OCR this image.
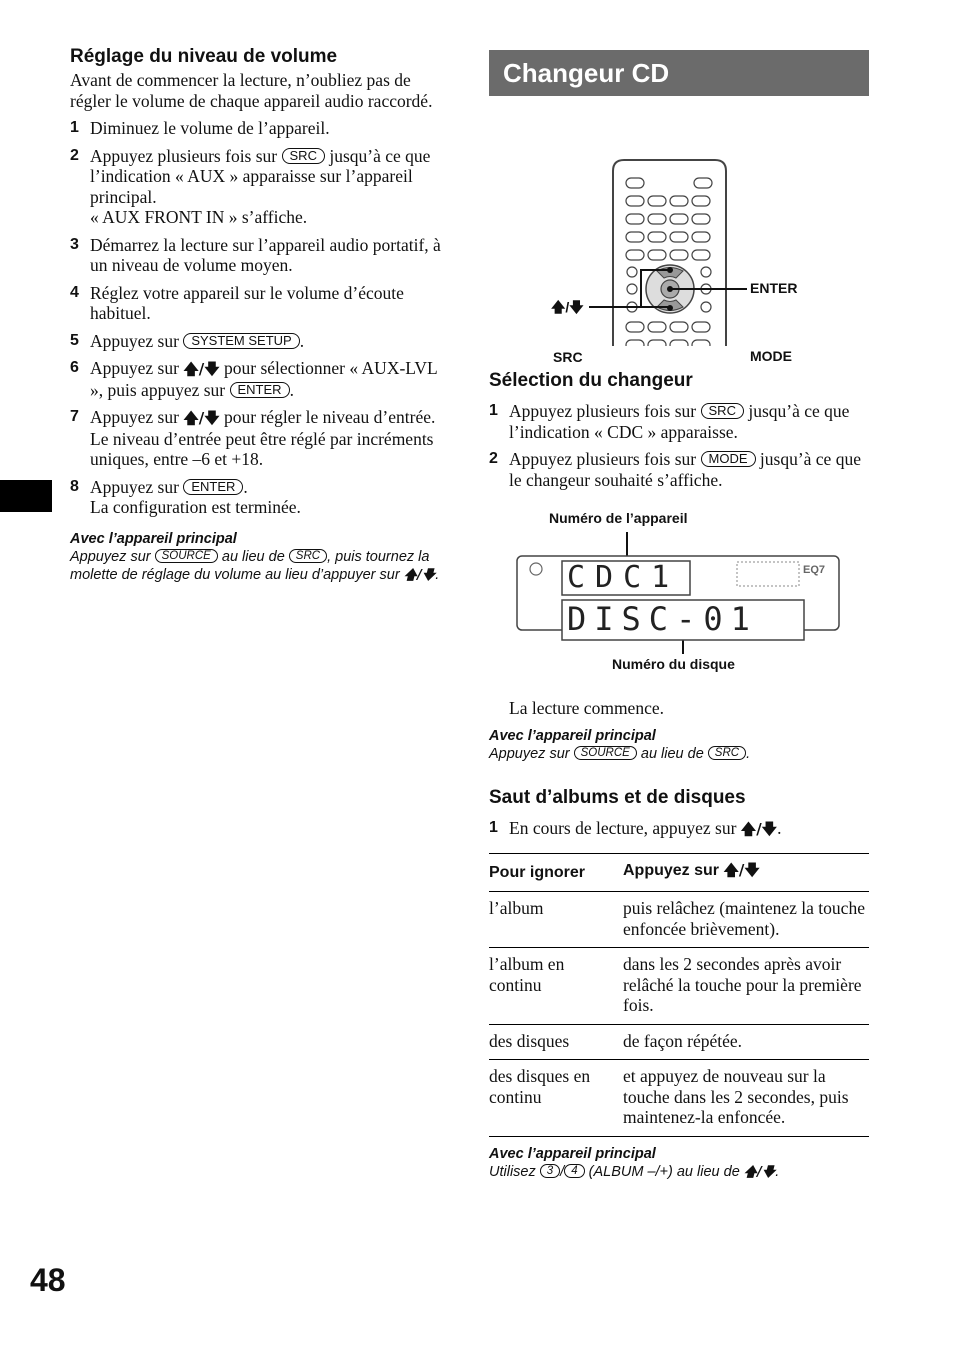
Réglage du niveau de volume

Avant de commencer la lecture, n’oubliez pas de régler le volume de chaque appareil audio raccordé.

1 Diminuez le volume de l’appareil.
2 Appuyez plusieurs fois sur SRC jusqu’à ce que l’indication « AUX » apparaisse sur l’appareil principal.
« AUX FRONT IN » s’affiche.
3 Démarrez la lecture sur l’appareil audio portatif, à un niveau de volume moyen.
4 Réglez votre appareil sur le volume d’écoute habituel.
5 Appuyez sur SYSTEM SETUP .
6 Appuyez sur 🡅/🡇 pour sélectionner « AUX-LVL », puis appuyez sur ENTER .
7 Appuyez sur 🡅/🡇 pour régler le niveau d’entrée.
Le niveau d’entrée peut être réglé par incréments uniques, entre –6 et +18.
8 Appuyez sur ENTER .
La configuration est terminée.
Avec l’appareil principal
Appuyez sur SOURCE au lieu de SRC , puis tournez la molette de réglage du volume au lieu d’appuyer sur 🡅/🡇.
Changeur CD
🡅/🡇
ENTER
SRC	MODE
Sélection du changeur
1 Appuyez plusieurs fois sur SRC jusqu’à ce que l’indication « CDC » apparaisse.
2 Appuyez plusieurs fois sur MODE jusqu’à ce que le changeur souhaité s’affiche.
Numéro de l’appareil
CDC1
DISC-01
EQ7
Numéro du disque

La lecture commence.

Avec l’appareil principal
Appuyez sur SOURCE au lieu de SRC .
Saut d’albums et de disques
1 En cours de lecture, appuyez sur 🡅/🡇.
Pour ignorer	Appuyez sur 🡅/🡇
l’album	puis relâchez (maintenez la touche enfoncée brièvement).
l’album en continu	dans les 2 secondes après avoir relâché la touche pour la première fois.
des disques	de façon répétée.
des disques en continu	et appuyez de nouveau sur la touche dans les 2 secondes, puis maintenez-la enfoncée.
Avec l’appareil principal
Utilisez 3 / 4 (ALBUM –/+) au lieu de 🡅/🡇.
48
